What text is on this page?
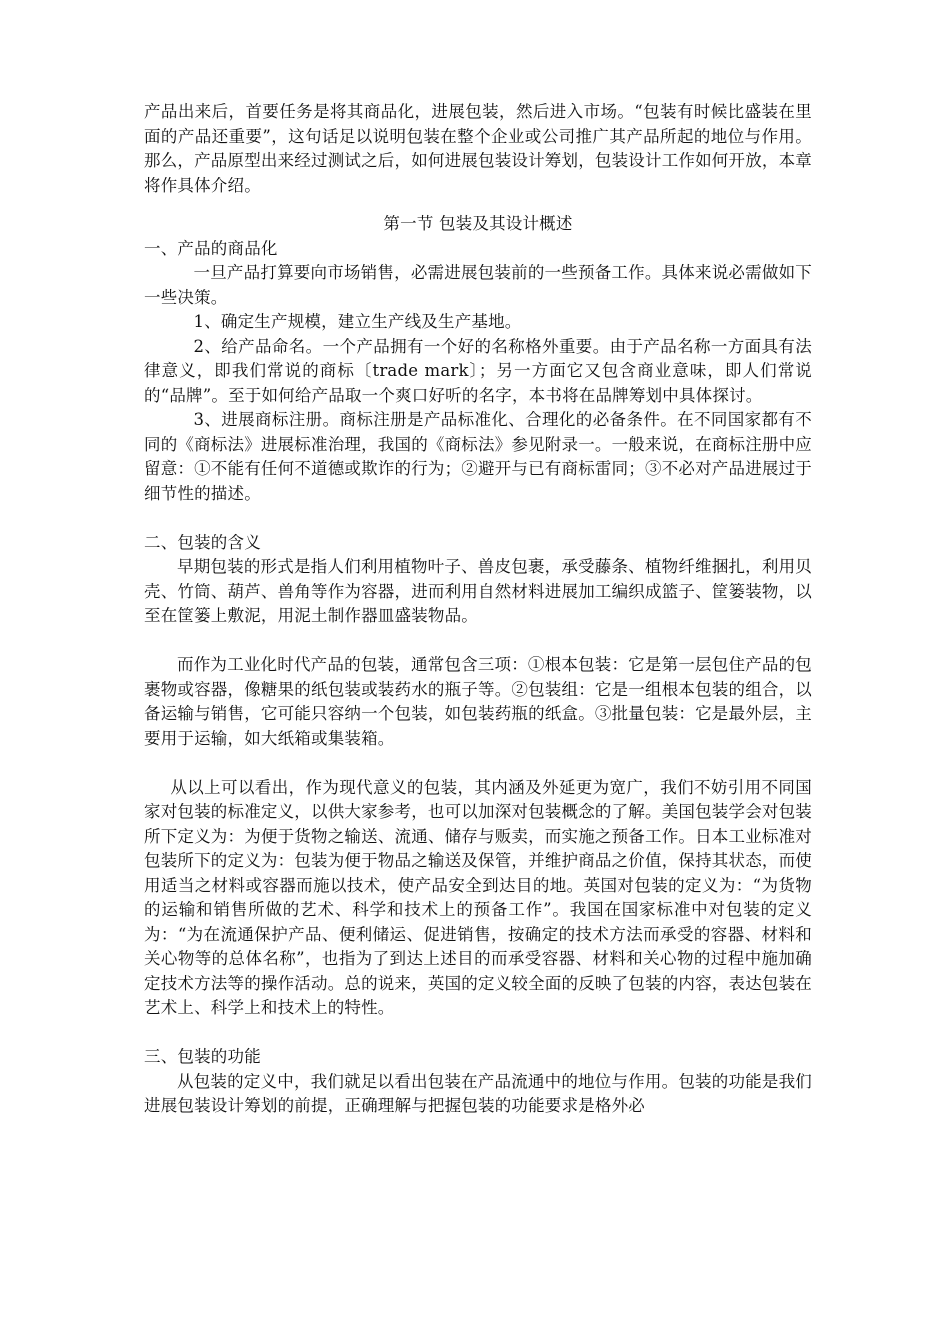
产品出来后，首要任务是将其商品化，进展包装，然后进入市场。“包装有时候比盛装在里面的产品还重要”，这句话足以说明包装在整个企业或公司推广其产品所起的地位与作用。那么，产品原型出来经过测试之后，如何进展包装设计筹划，包装设计工作如何开放，本章将作具体介绍。

第一节 包装及其设计概述

一、产品的商品化

一旦产品打算要向市场销售，必需进展包装前的一些预备工作。具体来说必需做如下一些决策。

1、确定生产规模，建立生产线及生产基地。

2、给产品命名。一个产品拥有一个好的名称格外重要。由于产品名称一方面具有法律意义，即我们常说的商标〔trade mark〕；另一方面它又包含商业意味，即人们常说的“品牌”。至于如何给产品取一个爽口好听的名字，本书将在品牌筹划中具体探讨。

3、进展商标注册。商标注册是产品标准化、合理化的必备条件。在不同国家都有不同的《商标法》进展标准治理，我国的《商标法》参见附录一。一般来说，在商标注册中应留意：①不能有任何不道德或欺诈的行为；②避开与已有商标雷同；③不必对产品进展过于细节性的描述。

二、包装的含义

早期包装的形式是指人们利用植物叶子、兽皮包裹，承受藤条、植物纤维捆扎，利用贝壳、竹筒、葫芦、兽角等作为容器，进而利用自然材料进展加工编织成篮子、筐篓装物，以至在筐篓上敷泥，用泥土制作器皿盛装物品。

而作为工业化时代产品的包装，通常包含三项：①根本包装：它是第一层包住产品的包裹物或容器，像糖果的纸包装或装药水的瓶子等。②包装组：它是一组根本包装的组合，以备运输与销售，它可能只容纳一个包装，如包装药瓶的纸盒。③批量包装：它是最外层，主要用于运输，如大纸箱或集装箱。

从以上可以看出，作为现代意义的包装，其内涵及外延更为宽广，我们不妨引用不同国家对包装的标准定义，以供大家参考，也可以加深对包装概念的了解。美国包装学会对包装所下定义为：为便于货物之输送、流通、储存与贩卖，而实施之预备工作。日本工业标准对包装所下的定义为：包装为便于物品之输送及保管，并维护商品之价值，保持其状态，而使用适当之材料或容器而施以技术，使产品安全到达目的地。英国对包装的定义为：“为货物的运输和销售所做的艺术、科学和技术上的预备工作”。我国在国家标准中对包装的定义为：“为在流通保护产品、便利储运、促进销售，按确定的技术方法而承受的容器、材料和关心物等的总体名称”，也指为了到达上述目的而承受容器、材料和关心物的过程中施加确定技术方法等的操作活动。总的说来，英国的定义较全面的反映了包装的内容，表达包装在艺术上、科学上和技术上的特性。

三、包装的功能

从包装的定义中，我们就足以看出包装在产品流通中的地位与作用。包装的功能是我们进展包装设计筹划的前提，正确理解与把握包装的功能要求是格外必
